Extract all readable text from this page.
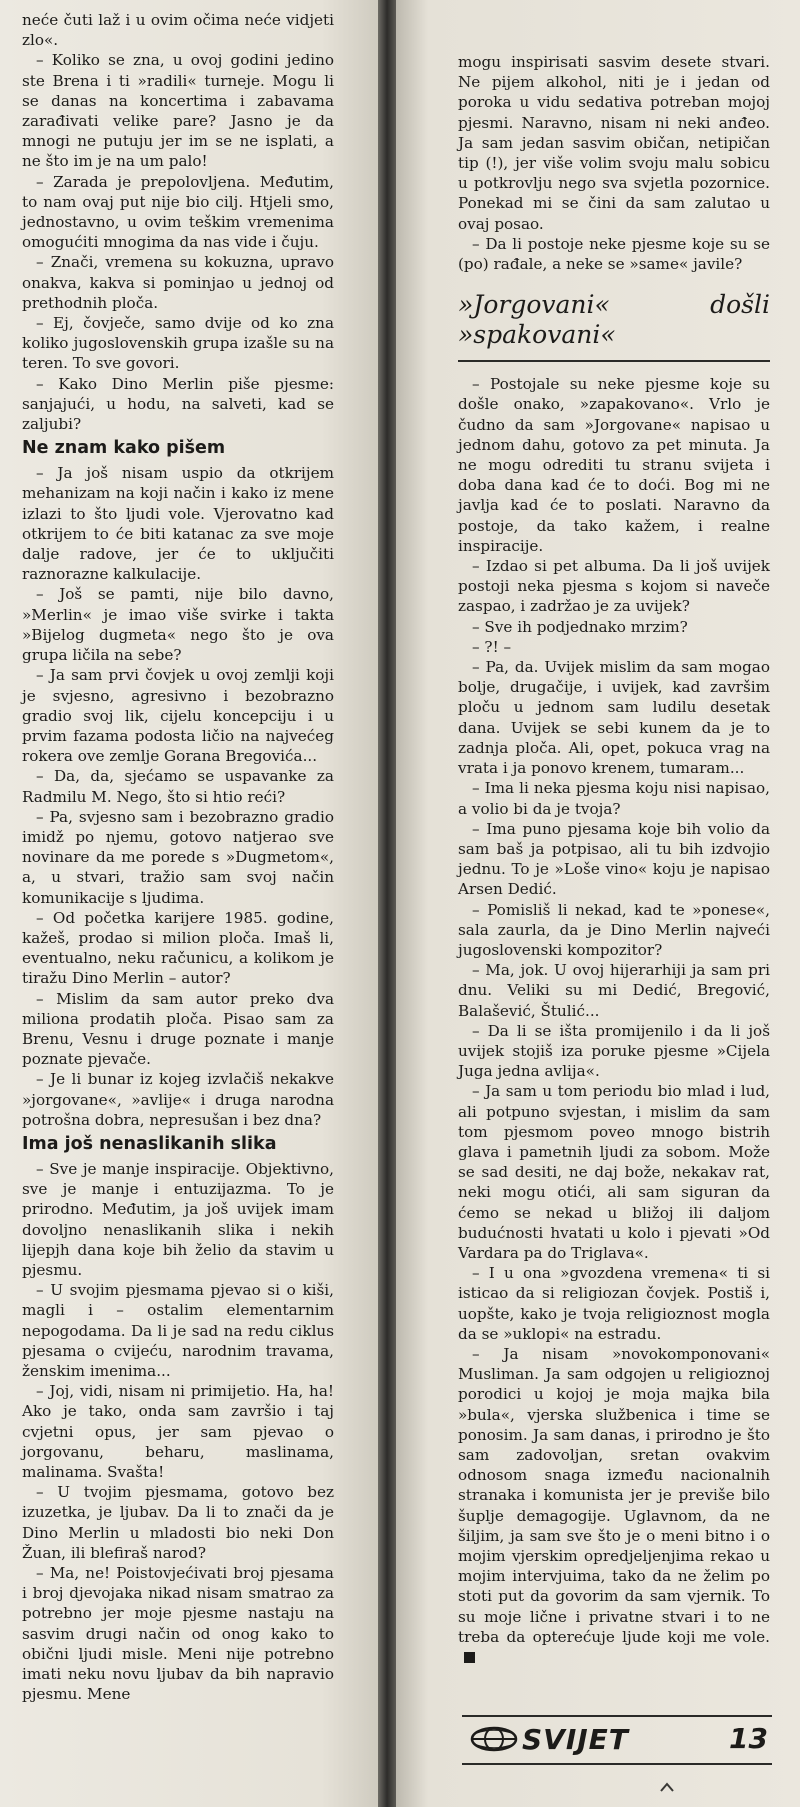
neće čuti laž i u ovim očima neće vidjeti zlo«.

– Koliko se zna, u ovoj godini jedino ste Brena i ti »radili« turneje. Mogu li se danas na koncertima i zabavama zarađivati velike pare? Jasno je da mnogi ne putuju jer im se ne isplati, a ne što im je na um palo!

– Zarada je prepolovljena. Međutim, to nam ovaj put nije bio cilj. Htjeli smo, jednostavno, u ovim teškim vremenima omogućiti mnogima da nas vide i čuju.

– Znači, vremena su kokuzna, upravo onakva, kakva si pominjao u jednoj od prethodnih ploča.

– Ej, čovječe, samo dvije od ko zna koliko jugoslovenskih grupa izašle su na teren. To sve govori.

– Kako Dino Merlin piše pjesme: sanjajući, u hodu, na salveti, kad se zaljubi?

Ne znam kako pišem

– Ja još nisam uspio da otkrijem mehanizam na koji način i kako iz mene izlazi to što ljudi vole. Vjerovatno kad otkrijem to će biti katanac za sve moje dalje radove, jer će to uključiti raznorazne kalkulacije.

– Još se pamti, nije bilo davno, »Merlin« je imao više svirke i takta »Bijelog dugmeta« nego što je ova grupa ličila na sebe?

– Ja sam prvi čovjek u ovoj zemlji koji je svjesno, agresivno i bezobrazno gradio svoj lik, cijelu koncepciju i u prvim fazama podosta ličio na najvećeg rokera ove zemlje Gorana Bregovića...

– Da, da, sjećamo se uspavanke za Radmilu M. Nego, što si htio reći?

– Pa, svjesno sam i bezobrazno gradio imidž po njemu, gotovo natjerao sve novinare da me porede s »Dugmetom«, a, u stvari, tražio sam svoj način komunikacije s ljudima.

– Od početka karijere 1985. godine, kažeš, prodao si milion ploča. Imaš li, eventualno, neku računicu, a kolikom je tiražu Dino Merlin – autor?

– Mislim da sam autor preko dva miliona prodatih ploča. Pisao sam za Brenu, Vesnu i druge poznate i manje poznate pjevače.

– Je li bunar iz kojeg izvlačiš nekakve »jorgovane«, »avlije« i druga narodna potrošna dobra, nepresušan i bez dna?

Ima još nenaslikanih slika

– Sve je manje inspiracije. Objektivno, sve je manje i entuzijazma. To je prirodno. Međutim, ja još uvijek imam dovoljno nenaslikanih slika i nekih lijepjh dana koje bih želio da stavim u pjesmu.

– U svojim pjesmama pjevaо si o kiši, magli i – ostalim elementarnim nepogodama. Da li je sad na redu ciklus pjesama o cvijeću, narodnim travama, ženskim imenima...

– Joj, vidi, nisam ni primijetio. Ha, ha! Ako je tako, onda sam završio i taj cvjetni opus, jer sam pjevao o jorgovanu, beharu, maslinama, malinama. Svašta!

– U tvojim pjesmama, gotovo bez izuzetka, je ljubav. Da li to znači da je Dino Merlin u mladosti bio neki Don Žuan, ili blefiraš narod?

– Ma, ne! Poistovjećivati broj pjesama i broj djevojaka nikad nisam smatrao za potrebno jer moje pjesme nastaju na sasvim drugi način od onog kako to obični ljudi misle. Meni nije potrebno imati neku novu ljubav da bih napravio pjesmu. Mene

mogu inspirisati sasvim desete stvari. Ne pijem alkohol, niti je i jedan od poroka u vidu sedativa potreban mojoj pjesmi. Naravno, nisam ni neki anđeo. Ja sam jedan sasvim običan, netipičan tip (!), jer više volim svoju malu sobicu u potkrovlju nego sva svjetla pozornice. Ponekad mi se čini da sam zalutao u ovaj posao.

– Da li postoje neke pjesme koje su se (po) rađale, a neke se »same« javile?

»Jorgovani« došli »spakovani«

– Postojale su neke pjesme koje su došle onako, »zapakovano«. Vrlo je čudno da sam »Jorgovane« napisao u jednom dahu, gotovo za pet minuta. Ja ne mogu odrediti tu stranu svijeta i doba dana kad će to doći. Bog mi ne javlja kad će to poslati. Naravno da postoje, da tako kažem, i realne inspiracije.

– Izdao si pet albuma. Da li još uvijek postoji neka pjesma s kojom si naveče zaspao, i zadržao je za uvijek?

– Sve ih podjednako mrzim?

– ?! –

– Pa, da. Uvijek mislim da sam mogao bolje, drugačije, i uvijek, kad završim ploču u jednom sam ludilu desetak dana. Uvijek se sebi kunem da je to zadnja ploča. Ali, opet, pokuca vrag na vrata i ja ponovo krenem, tumaram...

– Ima li neka pjesma koju nisi napisao, a volio bi da je tvoja?

– Ima puno pjesama koje bih volio da sam baš ja potpisao, ali tu bih izdvojio jednu. To je »Loše vino« koju je napisao Arsen Dedić.

– Pomisliš li nekad, kad te »ponese«, sala zaurla, da je Dino Merlin najveći jugoslovenski kompozitor?

– Ma, jok. U ovoj hijerarhiji ja sam pri dnu. Veliki su mi Dedić, Bregović, Balašević, Štulić...

– Da li se išta promijenilo i da li još uvijek stojiš iza poruke pjesme »Cijela Juga jedna avlija«.

– Ja sam u tom periodu bio mlad i lud, ali potpuno svjestan, i mislim da sam tom pjesmom poveo mnogo bistrih glava i pametnih ljudi za sobom. Može se sad desiti, ne daj bože, nekakav rat, neki mogu otići, ali sam siguran da ćemo se nekad u bližoj ili daljom budućnosti hvatati u kolo i pjevati »Od Vardara pa do Triglava«.

– I u ona »gvozdena vremena« ti si isticao da si religiozan čovjek. Postiš i, uopšte, kako je tvoja religioznost mogla da se »uklopi« na estradu.

– Ja nisam »novokomponovani« Musliman. Ja sam odgojen u religioznoj porodici u kojoj je moja majka bila »bula«, vjerska službenica i time se ponosim. Ja sam danas, i prirodno je što sam zadovoljan, sretan ovakvim odnosom snaga između nacionalnih stranaka i komunista jer je previše bilo šuplje demagogije. Uglavnom, da ne šiljim, ja sam sve što je o meni bitno i o mojim vjerskim opredjeljenjima rekao u mojim intervjuima, tako da ne želim po stoti put da govorim da sam vjernik. To su moje lične i privatne stvari i to ne treba da opterećuje ljude koji me vole.

SVIJET	13
